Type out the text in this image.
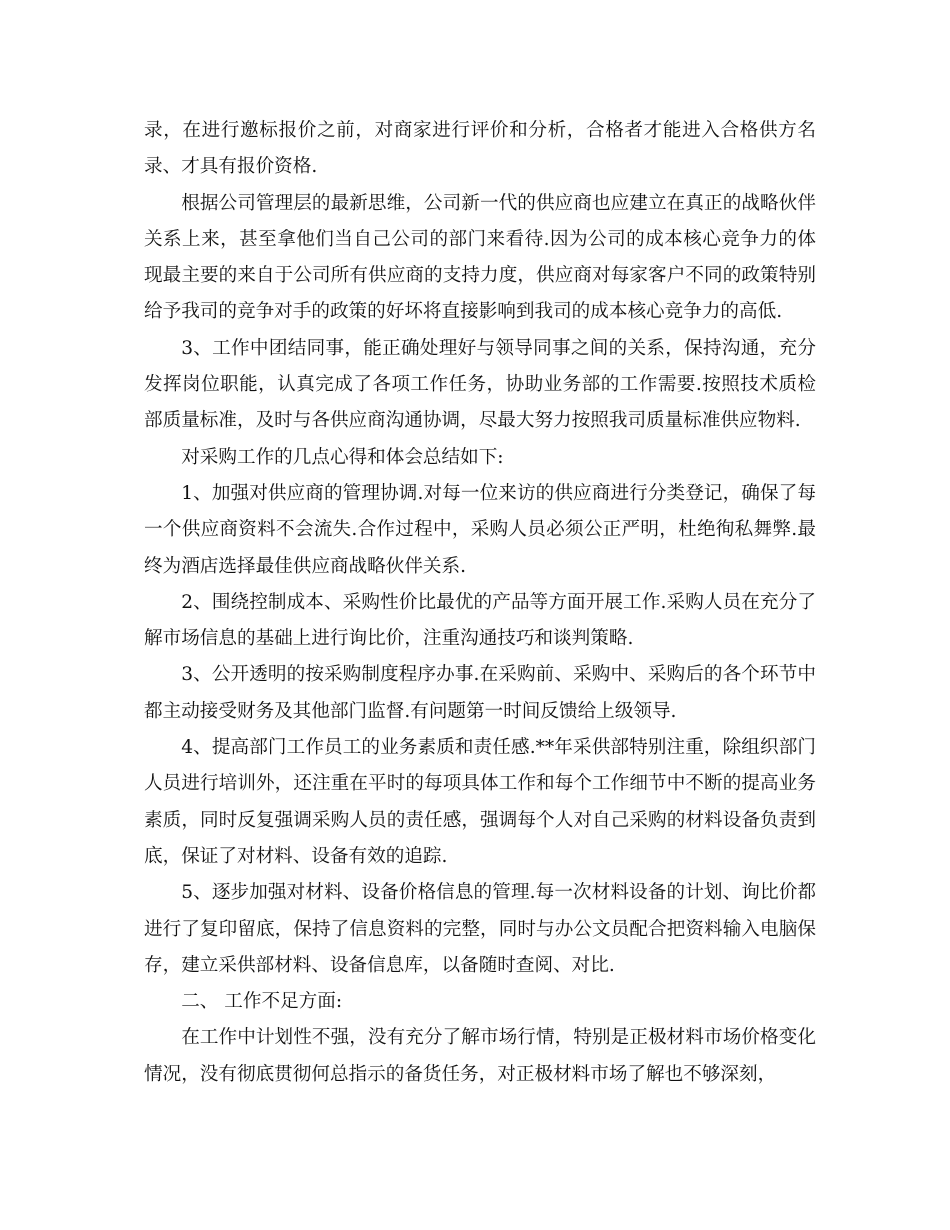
录，在进行邀标报价之前，对商家进行评价和分析，合格者才能进入合格供方名录、才具有报价资格.

根据公司管理层的最新思维，公司新一代的供应商也应建立在真正的战略伙伴关系上来，甚至拿他们当自己公司的部门来看待.因为公司的成本核心竞争力的体现最主要的来自于公司所有供应商的支持力度，供应商对每家客户不同的政策特别给予我司的竞争对手的政策的好坏将直接影响到我司的成本核心竞争力的高低.

3、工作中团结同事，能正确处理好与领导同事之间的关系，保持沟通，充分发挥岗位职能，认真完成了各项工作任务，协助业务部的工作需要.按照技术质检部质量标准，及时与各供应商沟通协调，尽最大努力按照我司质量标准供应物料.

对采购工作的几点心得和体会总结如下:

1、加强对供应商的管理协调.对每一位来访的供应商进行分类登记，确保了每一个供应商资料不会流失.合作过程中，采购人员必须公正严明，杜绝徇私舞弊.最终为酒店选择最佳供应商战略伙伴关系.

2、围绕控制成本、采购性价比最优的产品等方面开展工作.采购人员在充分了解市场信息的基础上进行询比价，注重沟通技巧和谈判策略.

3、公开透明的按采购制度程序办事.在采购前、采购中、采购后的各个环节中都主动接受财务及其他部门监督.有问题第一时间反馈给上级领导.

4、提高部门工作员工的业务素质和责任感.**年采供部特别注重，除组织部门人员进行培训外，还注重在平时的每项具体工作和每个工作细节中不断的提高业务素质，同时反复强调采购人员的责任感，强调每个人对自己采购的材料设备负责到底，保证了对材料、设备有效的追踪.

5、逐步加强对材料、设备价格信息的管理.每一次材料设备的计划、询比价都进行了复印留底，保持了信息资料的完整，同时与办公文员配合把资料输入电脑保存，建立采供部材料、设备信息库，以备随时查阅、对比.

二、 工作不足方面:

在工作中计划性不强，没有充分了解市场行情，特别是正极材料市场价格变化情况，没有彻底贯彻何总指示的备货任务，对正极材料市场了解也不够深刻，
